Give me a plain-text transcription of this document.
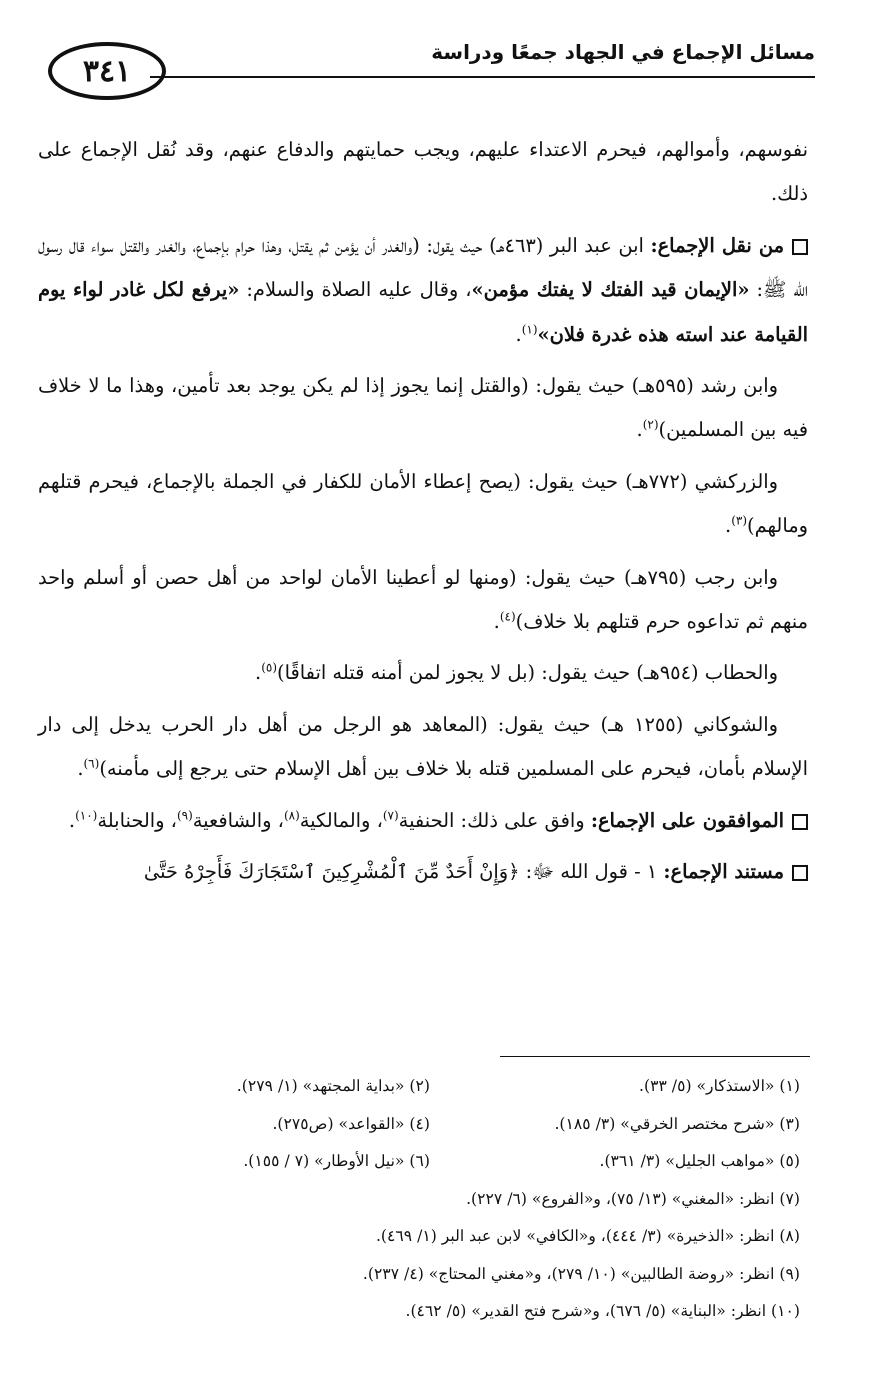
٣٤١
مسائل الإجماع في الجهاد جمعًا ودراسة

نفوسهم، وأموالهم، فيحرم الاعتداء عليهم، ويجب حمايتهم والدفاع عنهم، وقد نُقل الإجماع على ذلك.

من نقل الإجماع: ابن عبد البر (٤٦٣هـ) حيث يقول: (والغدر أن يؤمن ثم يقتل، وهذا حرام بإجماع، والغدر والقتل سواء قال رسول الله ﷺ: «الإيمان قيد الفتك لا يفتك مؤمن»، وقال عليه الصلاة والسلام: «يرفع لكل غادر لواء يوم القيامة عند استه هذه غدرة فلان»$^{(١)}$.

وابن رشد (٥٩٥هـ) حيث يقول: (والقتل إنما يجوز إذا لم يكن يوجد بعد تأمين، وهذا ما لا خلاف فيه بين المسلمين)$^{(٢)}$.

والزركشي (٧٧٢هـ) حيث يقول: (يصح إعطاء الأمان للكفار في الجملة بالإجماع، فيحرم قتلهم ومالهم)$^{(٣)}$.

وابن رجب (٧٩٥هـ) حيث يقول: (ومنها لو أعطينا الأمان لواحد من أهل حصن أو أسلم واحد منهم ثم تداعوه حرم قتلهم بلا خلاف)$^{(٤)}$.

والحطاب (٩٥٤هـ) حيث يقول: (بل لا يجوز لمن أمنه قتله اتفاقًا)$^{(٥)}$.

والشوكاني (١٢٥٥ هـ) حيث يقول: (المعاهد هو الرجل من أهل دار الحرب يدخل إلى دار الإسلام بأمان، فيحرم على المسلمين قتله بلا خلاف بين أهل الإسلام حتى يرجع إلى مأمنه)$^{(٦)}$.

الموافقون على الإجماع: وافق على ذلك: الحنفية$^{(٧)}$، والمالكية$^{(٨)}$، والشافعية$^{(٩)}$، والحنابلة$^{(١٠)}$.

مستند الإجماع: ١ - قول الله ﷻ: ﴿وَإِنْ أَحَدٌ مِّنَ ٱلْمُشْرِكِينَ ٱسْتَجَارَكَ فَأَجِرْهُ حَتَّىٰ

(١) «الاستذكار» (٥/ ٣٣).
(٢) «بداية المجتهد» (١/ ٢٧٩).
(٣) «شرح مختصر الخرقي» (٣/ ١٨٥).
(٤) «القواعد» (ص٢٧٥).
(٥) «مواهب الجليل» (٣/ ٣٦١).
(٦) «نيل الأوطار» (٧ / ١٥٥).
(٧) انظر: «المغني» (١٣/ ٧٥)، و«الفروع» (٦/ ٢٢٧).
(٨) انظر: «الذخيرة» (٣/ ٤٤٤)، و«الكافي» لابن عبد البر (١/ ٤٦٩).
(٩) انظر: «روضة الطالبين» (١٠/ ٢٧٩)، و«مغني المحتاج» (٤/ ٢٣٧).
(١٠) انظر: «البناية» (٥/ ٦٧٦)، و«شرح فتح القدير» (٥/ ٤٦٢).
